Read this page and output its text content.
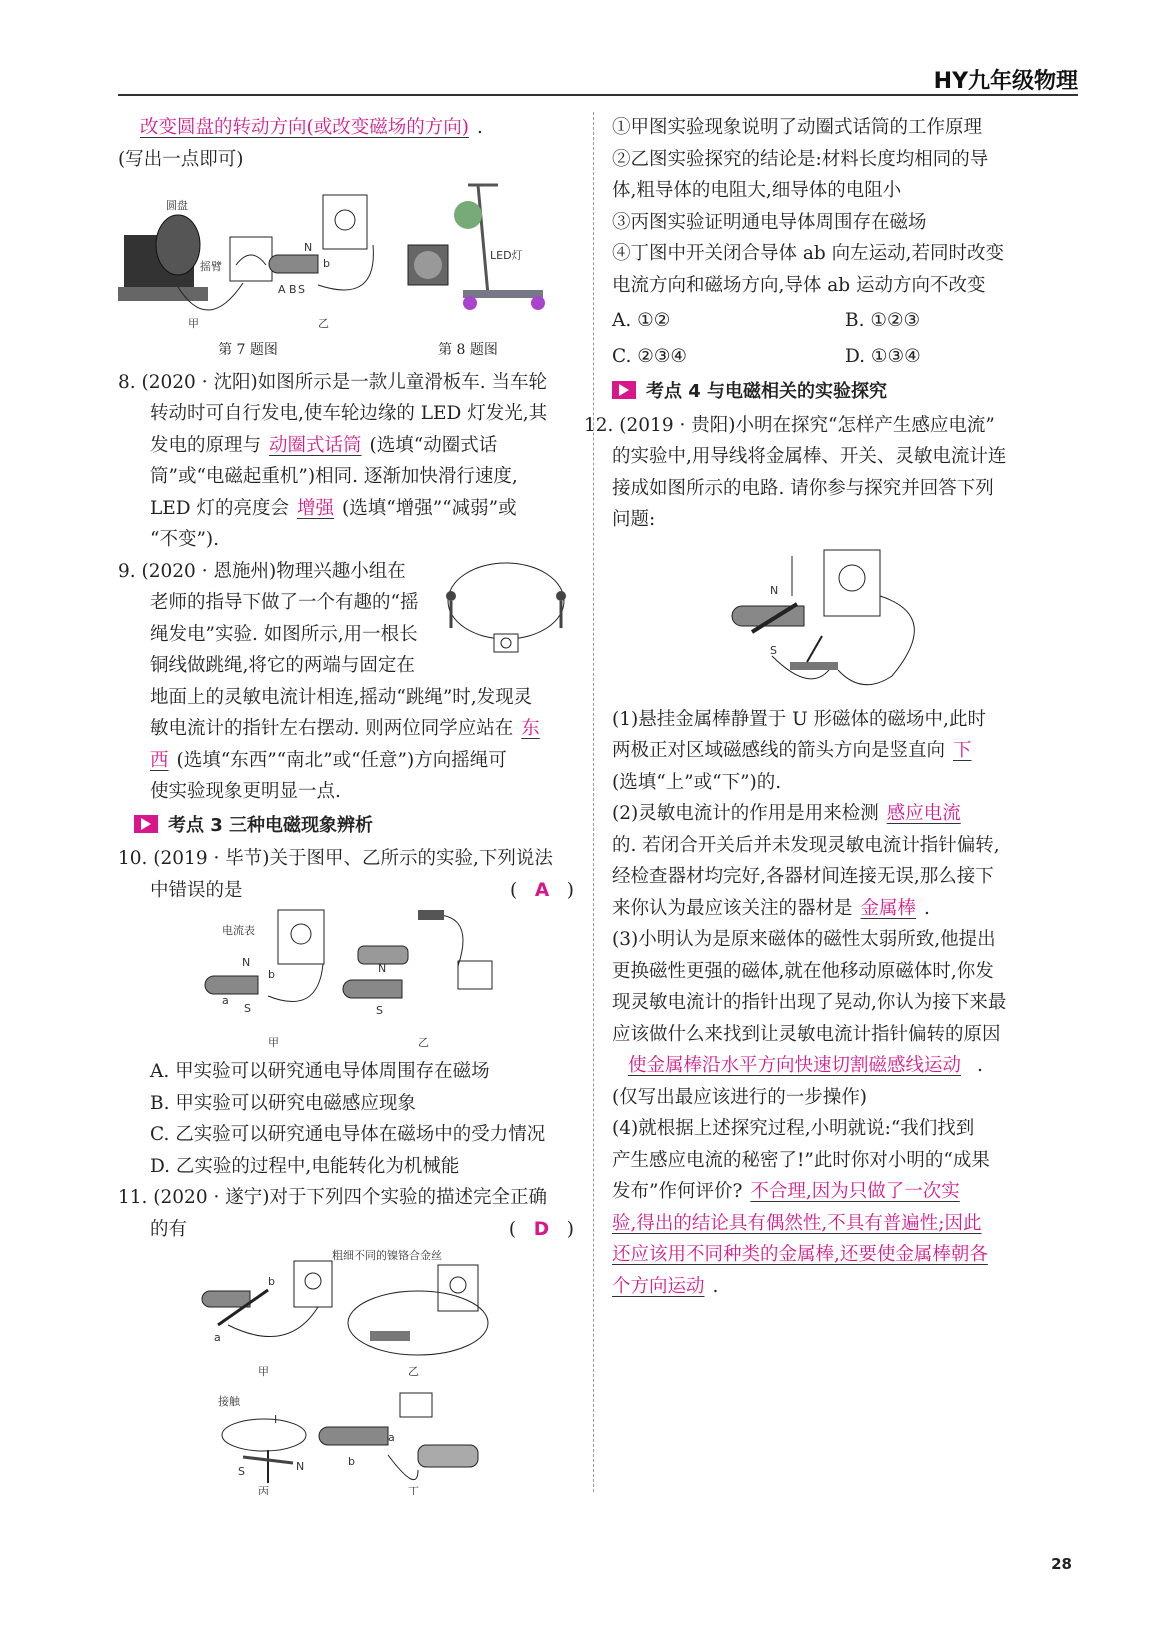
HY九年级物理

改变圆盘的转动方向(或改变磁场的方向) .

(写出一点即可)

圆盘
摇臂
甲
N
S
b
A B
乙
LED灯
第 7 题图	第 8 题图

8. (2020 · 沈阳)如图所示是一款儿童滑板车. 当车轮

转动时可自行发电,使车轮边缘的 LED 灯发光,其

发电的原理与 动圈式话筒 (选填“动圈式话

筒”或“电磁起重机”)相同. 逐渐加快滑行速度,

LED 灯的亮度会 增强 (选填“增强”“减弱”或

“不变”).

9. (2020 · 恩施州)物理兴趣小组在

老师的指导下做了一个有趣的“摇

绳发电”实验. 如图所示,用一根长

铜线做跳绳,将它的两端与固定在

地面上的灵敏电流计相连,摇动“跳绳”时,发现灵

敏电流计的指针左右摆动. 则两位同学应站在 东

西 (选填“东西”“南北”或“任意”)方向摇绳可

使实验现象更明显一点.

考点 3 三种电磁现象辨析

10. (2019 · 毕节)关于图甲、乙所示的实验,下列说法

中错误的是	(   A   )

电流表
N
S
b
a
甲
N
S
乙

A. 甲实验可以研究通电导体周围存在磁场

B. 甲实验可以研究电磁感应现象

C. 乙实验可以研究通电导体在磁场中的受力情况

D. 乙实验的过程中,电能转化为机械能

11. (2020 · 遂宁)对于下列四个实验的描述完全正确

的有	(   D   )

b
a
甲
粗细不同的镍铬合金丝
乙
接触
I
S	N
丙
b
a
丁

①甲图实验现象说明了动圈式话筒的工作原理

②乙图实验探究的结论是:材料长度均相同的导

体,粗导体的电阻大,细导体的电阻小

③丙图实验证明通电导体周围存在磁场

④丁图中开关闭合导体 ab 向左运动,若同时改变

电流方向和磁场方向,导体 ab 运动方向不改变

A. ①②	B. ①②③
C. ②③④	D. ①③④

考点 4 与电磁相关的实验探究

12. (2019 · 贵阳)小明在探究“怎样产生感应电流”

的实验中,用导线将金属棒、开关、灵敏电流计连

接成如图所示的电路. 请你参与探究并回答下列

问题:

N
S

(1)悬挂金属棒静置于 U 形磁体的磁场中,此时

两极正对区域磁感线的箭头方向是竖直向 下

(选填“上”或“下”)的.

(2)灵敏电流计的作用是用来检测 感应电流

的. 若闭合开关后并未发现灵敏电流计指针偏转,

经检查器材均完好,各器材间连接无误,那么接下

来你认为最应该关注的器材是 金属棒 .

(3)小明认为是原来磁体的磁性太弱所致,他提出

更换磁性更强的磁体,就在他移动原磁体时,你发

现灵敏电流计的指针出现了晃动,你认为接下来最

应该做什么来找到让灵敏电流计指针偏转的原因

使金属棒沿水平方向快速切割磁感线运动 .

(仅写出最应该进行的一步操作)

(4)就根据上述探究过程,小明就说:“我们找到

产生感应电流的秘密了!”此时你对小明的“成果

发布”作何评价? 不合理,因为只做了一次实

验,得出的结论具有偶然性,不具有普遍性;因此

还应该用不同种类的金属棒,还要使金属棒朝各

个方向运动 .

28
